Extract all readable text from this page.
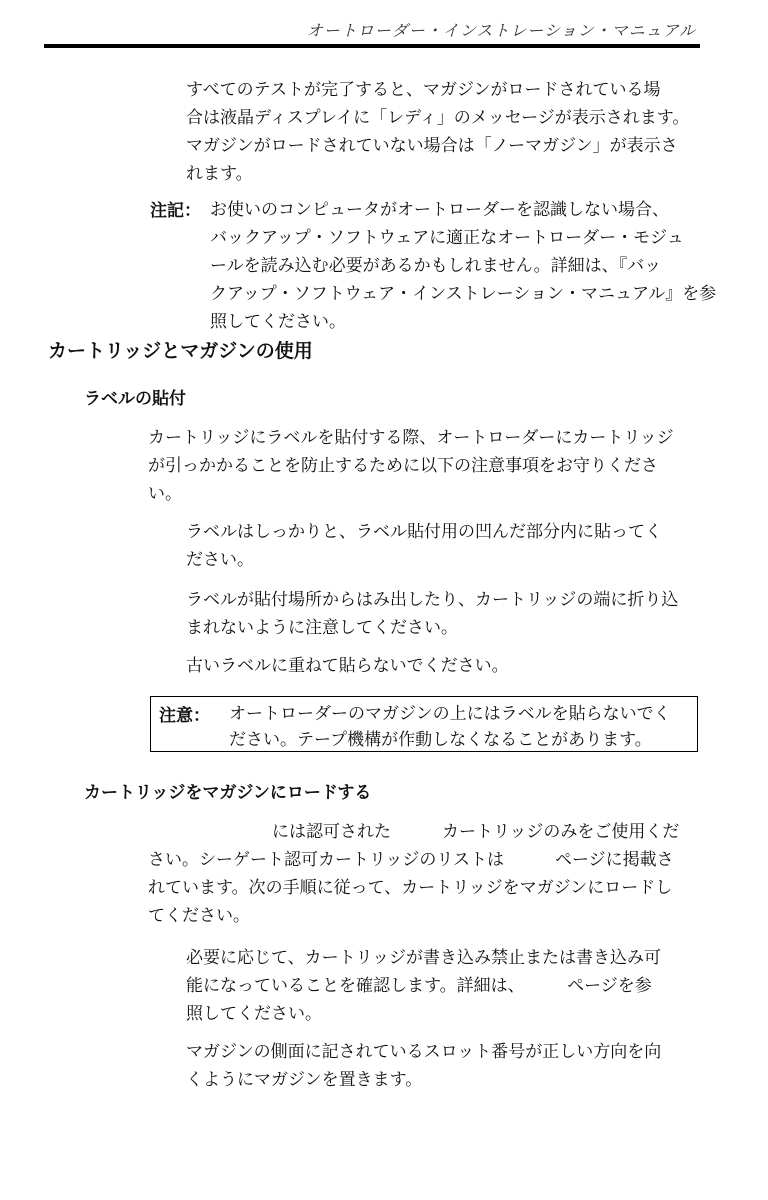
オートローダー・インストレーション・マニュアル

すべてのテストが完了すると、マガジンがロードされている場
合は液晶ディスプレイに「レディ」のメッセージが表示されます。
マガジンがロードされていない場合は「ノーマガジン」が表示さ
れます。

注記： お使いのコンピュータがオートローダーを認識しない場合、
バックアップ・ソフトウェアに適正なオートローダー・モジュ
ールを読み込む必要があるかもしれません。詳細は、『バッ
クアップ・ソフトウェア・インストレーション・マニュアル』を参
照してください。

カートリッジとマガジンの使用
ラベルの貼付

カートリッジにラベルを貼付する際、オートローダーにカートリッジ
が引っかかることを防止するために以下の注意事項をお守りくださ
い。

ラベルはしっかりと、ラベル貼付用の凹んだ部分内に貼ってく
ださい。

ラベルが貼付場所からはみ出したり、カートリッジの端に折り込
まれないように注意してください。

古いラベルに重ねて貼らないでください。

注意： オートローダーのマガジンの上にはラベルを貼らないでく
ださい。テープ機構が作動しなくなることがあります。

カートリッジをマガジンにロードする

には認可された　　　カートリッジのみをご使用くだ
さい。シーゲート認可カートリッジのリストは　　　ページに掲載さ
れています。次の手順に従って、カートリッジをマガジンにロードし
てください。

必要に応じて、カートリッジが書き込み禁止または書き込み可
能になっていることを確認します。詳細は、　　　ページを参
照してください。

マガジンの側面に記されているスロット番号が正しい方向を向
くようにマガジンを置きます。
